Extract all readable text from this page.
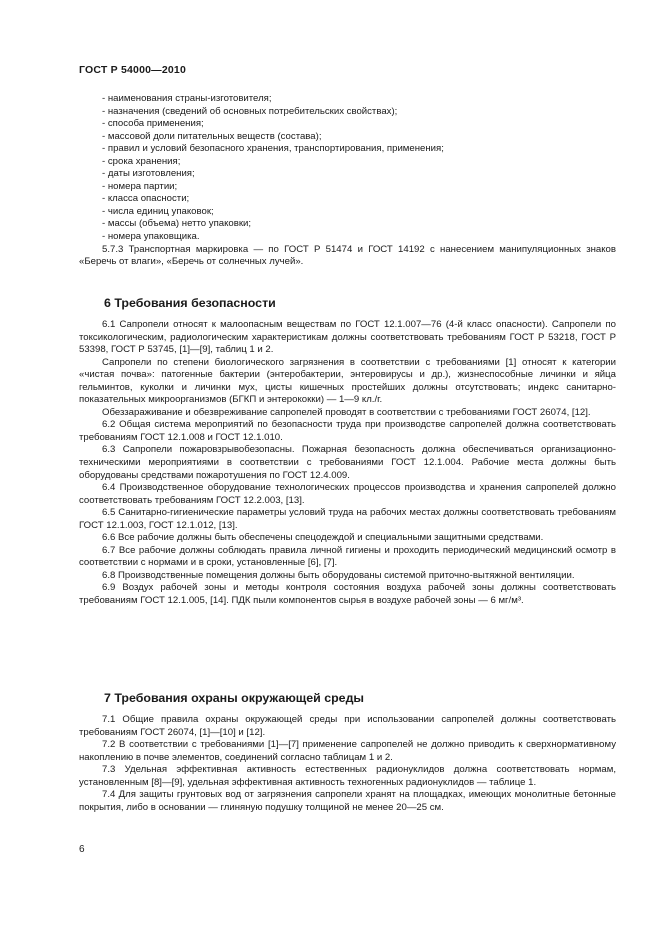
ГОСТ Р 54000—2010
- наименования страны-изготовителя;
- назначения (сведений об основных потребительских свойствах);
- способа применения;
- массовой доли питательных веществ (состава);
- правил и условий безопасного хранения, транспортирования, применения;
- срока хранения;
- даты изготовления;
- номера партии;
- класса опасности;
- числа единиц упаковок;
- массы (объема) нетто упаковки;
- номера упаковщика.

5.7.3 Транспортная маркировка — по ГОСТ Р 51474 и ГОСТ 14192 с нанесением манипуляционных знаков «Беречь от влаги», «Беречь от солнечных лучей».

6 Требования безопасности

6.1 Сапропели относят к малоопасным веществам по ГОСТ 12.1.007—76 (4-й класс опасности). Сапропели по токсикологическим, радиологическим характеристикам должны соответствовать требованиям ГОСТ Р 53218, ГОСТ Р 53398, ГОСТ Р 53745, [1]—[9], таблиц 1 и 2.

Сапропели по степени биологического загрязнения в соответствии с требованиями [1] относят к категории «чистая почва»: патогенные бактерии (энтеробактерии, энтеровирусы и др.), жизнеспособные личинки и яйца гельминтов, куколки и личинки мух, цисты кишечных простейших должны отсутствовать; индекс санитарно-показательных микроорганизмов (БГКП и энтерококки) — 1—9 кл./г.

Обеззараживание и обезвреживание сапропелей проводят в соответствии с требованиями ГОСТ 26074, [12].

6.2 Общая система мероприятий по безопасности труда при производстве сапропелей должна соответствовать требованиям ГОСТ 12.1.008 и ГОСТ 12.1.010.

6.3 Сапропели пожаровзрывобезопасны. Пожарная безопасность должна обеспечиваться организационно-техническими мероприятиями в соответствии с требованиями ГОСТ 12.1.004. Рабочие места должны быть оборудованы средствами пожаротушения по ГОСТ 12.4.009.

6.4 Производственное оборудование технологических процессов производства и хранения сапропелей должно соответствовать требованиям ГОСТ 12.2.003, [13].

6.5 Санитарно-гигиенические параметры условий труда на рабочих местах должны соответствовать требованиям ГОСТ 12.1.003, ГОСТ 12.1.012, [13].

6.6 Все рабочие должны быть обеспечены спецодеждой и специальными защитными средствами.

6.7 Все рабочие должны соблюдать правила личной гигиены и проходить периодический медицинский осмотр в соответствии с нормами и в сроки, установленные [6], [7].

6.8 Производственные помещения должны быть оборудованы системой приточно-вытяжной вентиляции.

6.9 Воздух рабочей зоны и методы контроля состояния воздуха рабочей зоны должны соответствовать требованиям ГОСТ 12.1.005, [14]. ПДК пыли компонентов сырья в воздухе рабочей зоны — 6 мг/м³.

7 Требования охраны окружающей среды

7.1 Общие правила охраны окружающей среды при использовании сапропелей должны соответствовать требованиям ГОСТ 26074, [1]—[10] и [12].

7.2 В соответствии с требованиями [1]—[7] применение сапропелей не должно приводить к сверхнормативному накоплению в почве элементов, соединений согласно таблицам 1 и 2.

7.3 Удельная эффективная активность естественных радионуклидов должна соответствовать нормам, установленным [8]—[9], удельная эффективная активность техногенных радионуклидов — таблице 1.

7.4 Для защиты грунтовых вод от загрязнения сапропели хранят на площадках, имеющих монолитные бетонные покрытия, либо в основании — глиняную подушку толщиной не менее 20—25 см.

6
